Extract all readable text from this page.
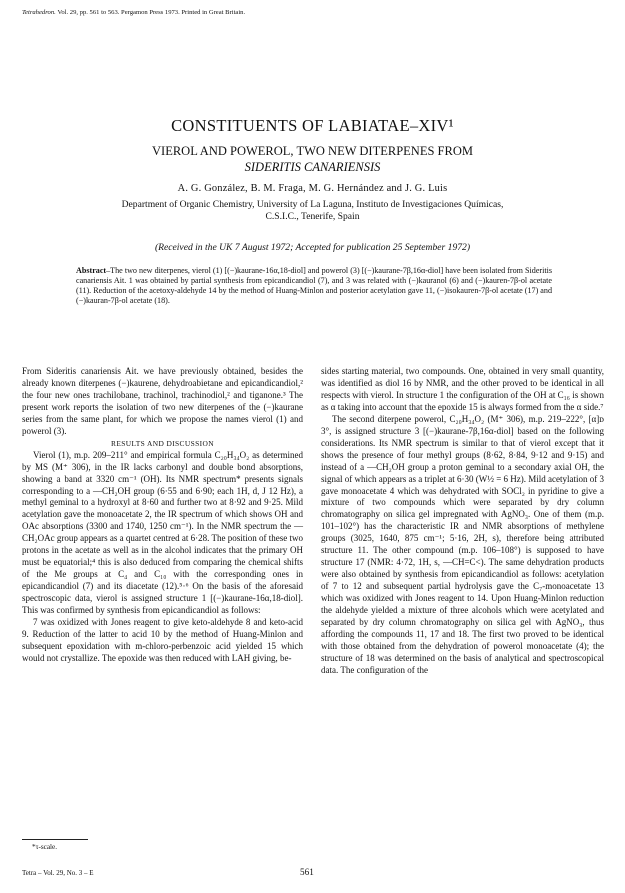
Tetrahedron. Vol. 29, pp. 561 to 563. Pergamon Press 1973. Printed in Great Britain.
CONSTITUENTS OF LABIATAE–XIV¹
VIEROL AND POWEROL, TWO NEW DITERPENES FROM
SIDERITIS CANARIENSIS
A. G. González, B. M. Fraga, M. G. Hernández and J. G. Luis
Department of Organic Chemistry, University of La Laguna, Instituto de Investigaciones Químicas,
C.S.I.C., Tenerife, Spain
(Received in the UK 7 August 1972; Accepted for publication 25 September 1972)
Abstract–The two new diterpenes, vierol (1) [(−)kaurane-16α,18-diol] and powerol (3) [(−)kaurane-7β,16α-diol] have been isolated from Sideritis canariensis Ait. 1 was obtained by partial synthesis from epicandicandiol (7), and 3 was related with (−)kauranol (6) and (−)kauren-7β-ol acetate (11). Reduction of the acetoxy-aldehyde 14 by the method of Huang-Minlon and posterior acetylation gave 11, (−)isokauren-7β-ol acetate (17) and (−)kauran-7β-ol acetate (18).

From Sideritis canariensis Ait. we have previously obtained, besides the already known diterpenes (−)kaurene, dehydroabietane and epicandicandiol,² the four new ones trachilobane, trachinol, trachinodiol,² and tiganone.³ The present work reports the isolation of two new diterpenes of the (−)kaurane series from the same plant, for which we propose the names vierol (1) and powerol (3).

RESULTS AND DISCUSSION

Vierol (1), m.p. 209–211° and empirical formula C₂₀H₃₄O₂ as determined by MS (M⁺ 306), in the IR lacks carbonyl and double bond absorptions, showing a band at 3320 cm⁻¹ (OH). Its NMR spectrum* presents signals corresponding to a —CH₂OH group (6·55 and 6·90; each 1H, d, J 12 Hz), a methyl geminal to a hydroxyl at 8·60 and further two at 8·92 and 9·25. Mild acetylation gave the monoacetate 2, the IR spectrum of which shows OH and OAc absorptions (3300 and 1740, 1250 cm⁻¹). In the NMR spectrum the —CH₂OAc group appears as a quartet centred at 6·28. The position of these two protons in the acetate as well as in the alcohol indicates that the primary OH must be equatorial;⁴ this is also deduced from comparing the chemical shifts of the Me groups at C₄ and C₁₀ with the corresponding ones in epicandicandiol (7) and its diacetate (12).⁵·⁶ On the basis of the aforesaid spectroscopic data, vierol is assigned structure 1 [(−)kaurane-16α,18-diol]. This was confirmed by synthesis from epicandicandiol as follows:

7 was oxidized with Jones reagent to give keto-aldehyde 8 and keto-acid 9. Reduction of the latter to acid 10 by the method of Huang-Minlon and subsequent epoxidation with m-chloro-perbenzoic acid yielded 15 which would not crystallize. The epoxide was then reduced with LAH giving, be-

sides starting material, two compounds. One, obtained in very small quantity, was identified as diol 16 by NMR, and the other proved to be identical in all respects with vierol. In structure 1 the configuration of the OH at C₁₆ is shown as α taking into account that the epoxide 15 is always formed from the α side.⁷

The second diterpene powerol, C₂₀H₃₄O₂ (M⁺ 306), m.p. 219–222°, [α]ᴅ 3°, is assigned structure 3 [(−)kaurane-7β,16α-diol] based on the following considerations. Its NMR spectrum is similar to that of vierol except that it shows the presence of four methyl groups (8·62, 8·84, 9·12 and 9·15) and instead of a —CH₂OH group a proton geminal to a secondary axial OH, the signal of which appears as a triplet at 6·30 (W½ = 6 Hz). Mild acetylation of 3 gave monoacetate 4 which was dehydrated with SOCl₂ in pyridine to give a mixture of two compounds which were separated by dry column chromatography on silica gel impregnated with AgNO₃. One of them (m.p. 101–102°) has the characteristic IR and NMR absorptions of methylene groups (3025, 1640, 875 cm⁻¹; 5·16, 2H, s), therefore being attributed structure 11. The other compound (m.p. 106–108°) is supposed to have structure 17 (NMR: 4·72, 1H, s, —CH=C<). The same dehydration products were also obtained by synthesis from epicandicandiol as follows: acetylation of 7 to 12 and subsequent partial hydrolysis gave the C₇-monoacetate 13 which was oxidized with Jones reagent to 14. Upon Huang-Minlon reduction the aldehyde yielded a mixture of three alcohols which were acetylated and separated by dry column chromatography on silica gel with AgNO₃, thus affording the compounds 11, 17 and 18. The first two proved to be identical with those obtained from the dehydration of powerol monoacetate (4); the structure of 18 was determined on the basis of analytical and spectroscopical data. The configuration of the

*τ-scale.
Tetra – Vol. 29, No. 3 – E	561
